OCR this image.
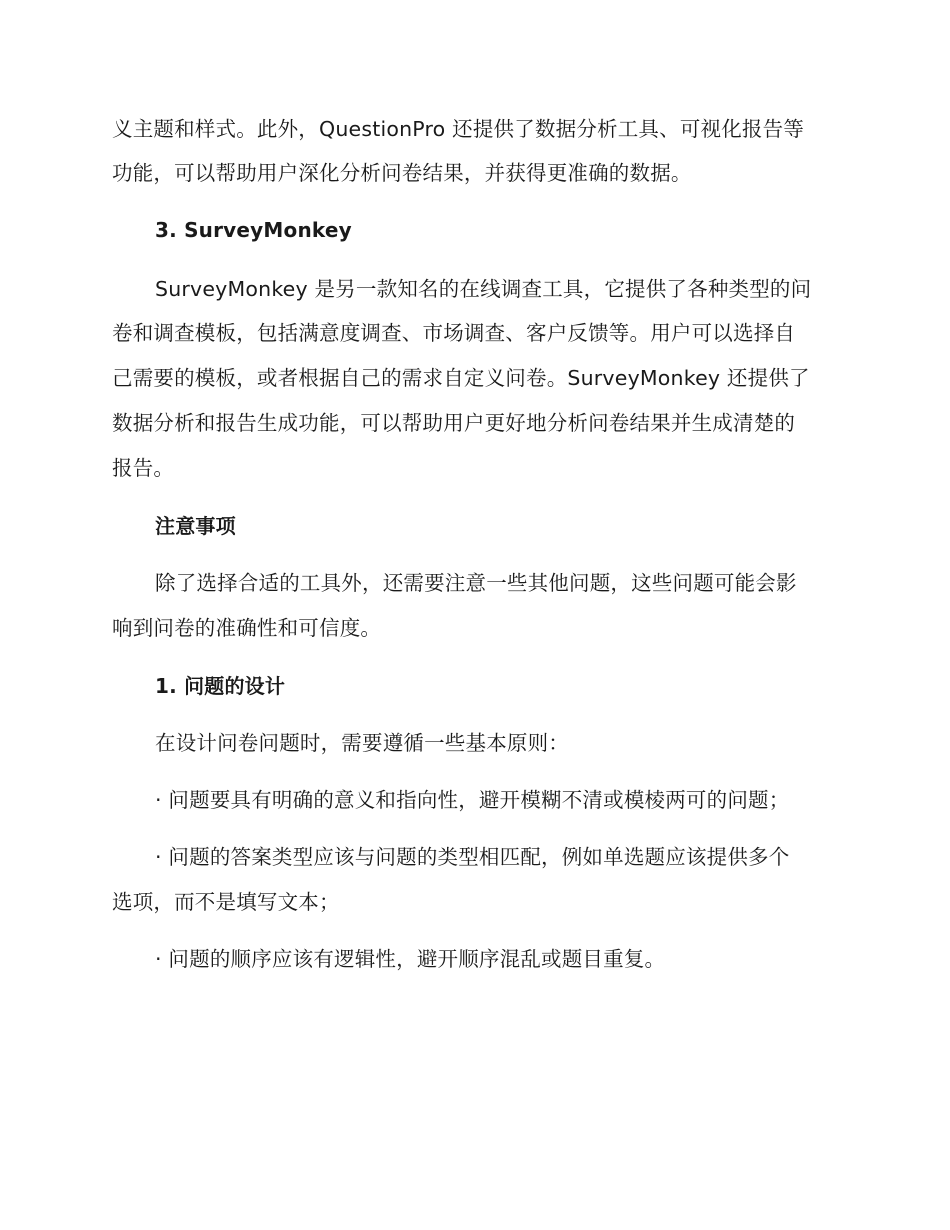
义主题和样式。此外，QuestionPro 还提供了数据分析工具、可视化报告等

功能，可以帮助用户深化分析问卷结果，并获得更准确的数据。

3. SurveyMonkey

SurveyMonkey 是另一款知名的在线调查工具，它提供了各种类型的问

卷和调查模板，包括满意度调查、市场调查、客户反馈等。用户可以选择自

己需要的模板，或者根据自己的需求自定义问卷。SurveyMonkey 还提供了

数据分析和报告生成功能，可以帮助用户更好地分析问卷结果并生成清楚的

报告。

注意事项

除了选择合适的工具外，还需要注意一些其他问题，这些问题可能会影

响到问卷的准确性和可信度。

1. 问题的设计

在设计问卷问题时，需要遵循一些基本原则：

· 问题要具有明确的意义和指向性，避开模糊不清或模棱两可的问题；

· 问题的答案类型应该与问题的类型相匹配，例如单选题应该提供多个

选项，而不是填写文本；

· 问题的顺序应该有逻辑性，避开顺序混乱或题目重复。
